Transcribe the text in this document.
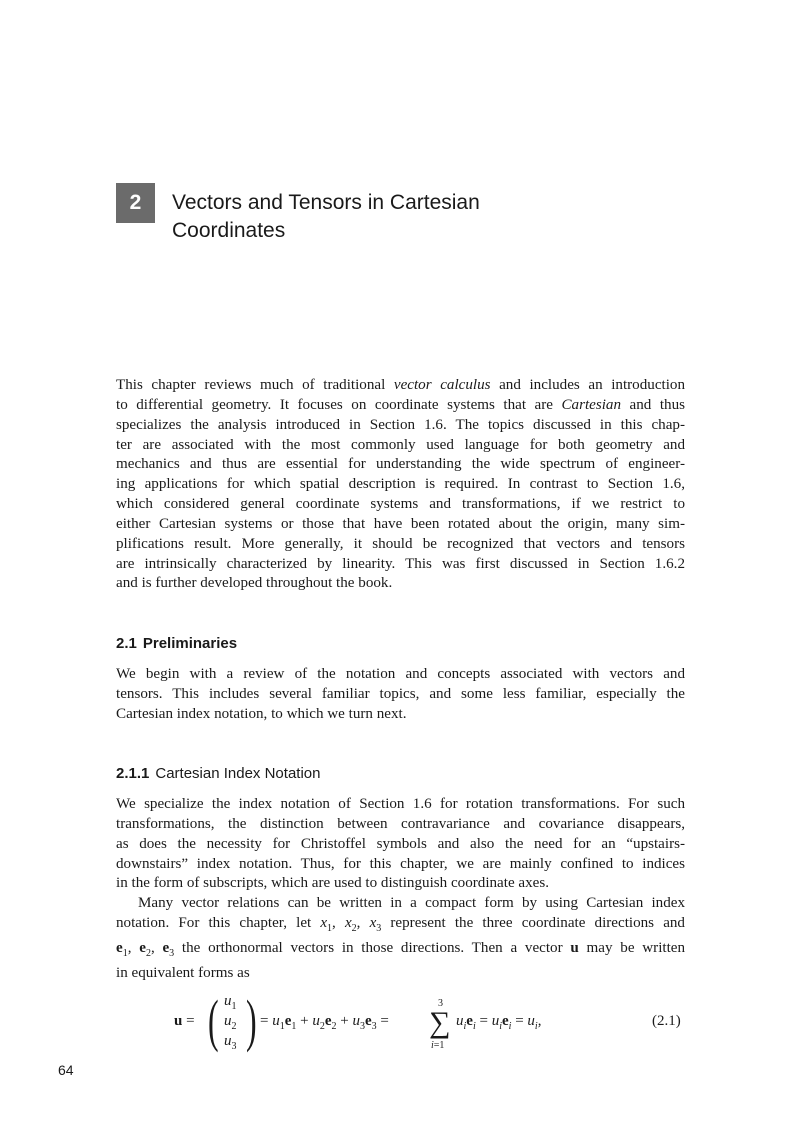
2	Vectors and Tensors in Cartesian
Coordinates

This chapter reviews much of traditional vector calculus and includes an introduction
to differential geometry. It focuses on coordinate systems that are Cartesian and thus
specializes the analysis introduced in Section 1.6. The topics discussed in this chap-
ter are associated with the most commonly used language for both geometry and
mechanics and thus are essential for understanding the wide spectrum of engineer-
ing applications for which spatial description is required. In contrast to Section 1.6,
which considered general coordinate systems and transformations, if we restrict to
either Cartesian systems or those that have been rotated about the origin, many sim-
plifications result. More generally, it should be recognized that vectors and tensors
are intrinsically characterized by linearity. This was first discussed in Section 1.6.2
and is further developed throughout the book.

2.1 Preliminaries

We begin with a review of the notation and concepts associated with vectors and
tensors. This includes several familiar topics, and some less familiar, especially the
Cartesian index notation, to which we turn next.

2.1.1 Cartesian Index Notation

We specialize the index notation of Section 1.6 for rotation transformations. For such
transformations, the distinction between contravariance and covariance disappears,
as does the necessity for Christoffel symbols and also the need for an “upstairs-
downstairs” index notation. Thus, for this chapter, we are mainly confined to indices
in the form of subscripts, which are used to distinguish coordinate axes.

Many vector relations can be written in a compact form by using Cartesian index
notation. For this chapter, let $x_1$, $x_2$, $x_3$ represent the three coordinate directions and
$e_1$, $e_2$, $e_3$ the orthonormal vectors in those directions. Then a vector u may be written
in equivalent forms as

u = ( $u_1$
$u_2$
$u_3$ ) = $u_1e_1 + u_2e_2 + u_3e_3$ =
3
∑
i=1
$u_ie_i = u_ie_i = u_i$,	(2.1)
64
